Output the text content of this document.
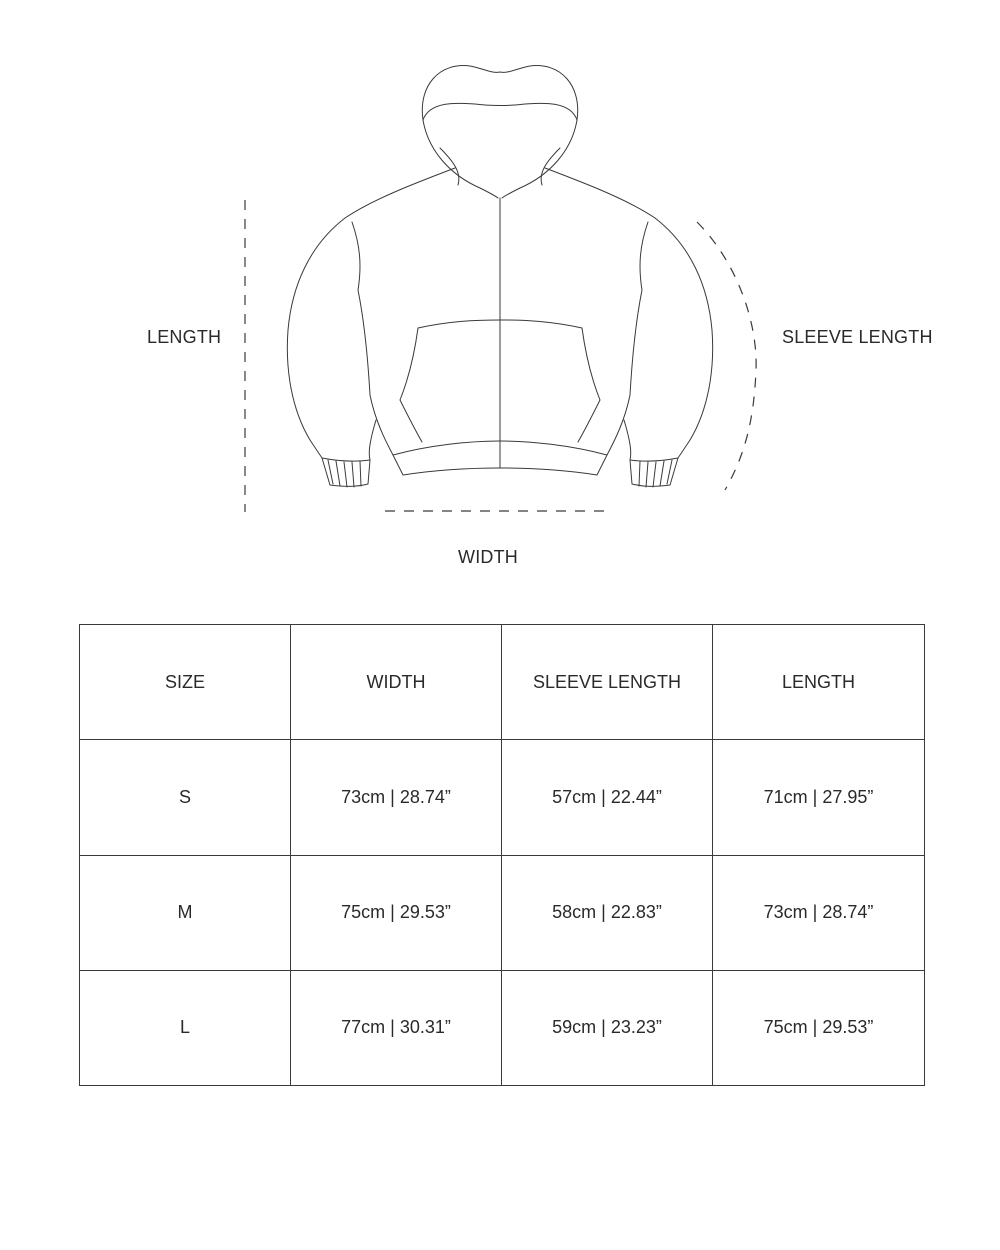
LENGTH	SLEEVE LENGTH
WIDTH
SIZE	WIDTH	SLEEVE LENGTH	LENGTH
S	73cm | 28.74”	57cm | 22.44”	71cm | 27.95”
M	75cm | 29.53”	58cm | 22.83”	73cm | 28.74”
L	77cm | 30.31”	59cm | 23.23”	75cm | 29.53”
